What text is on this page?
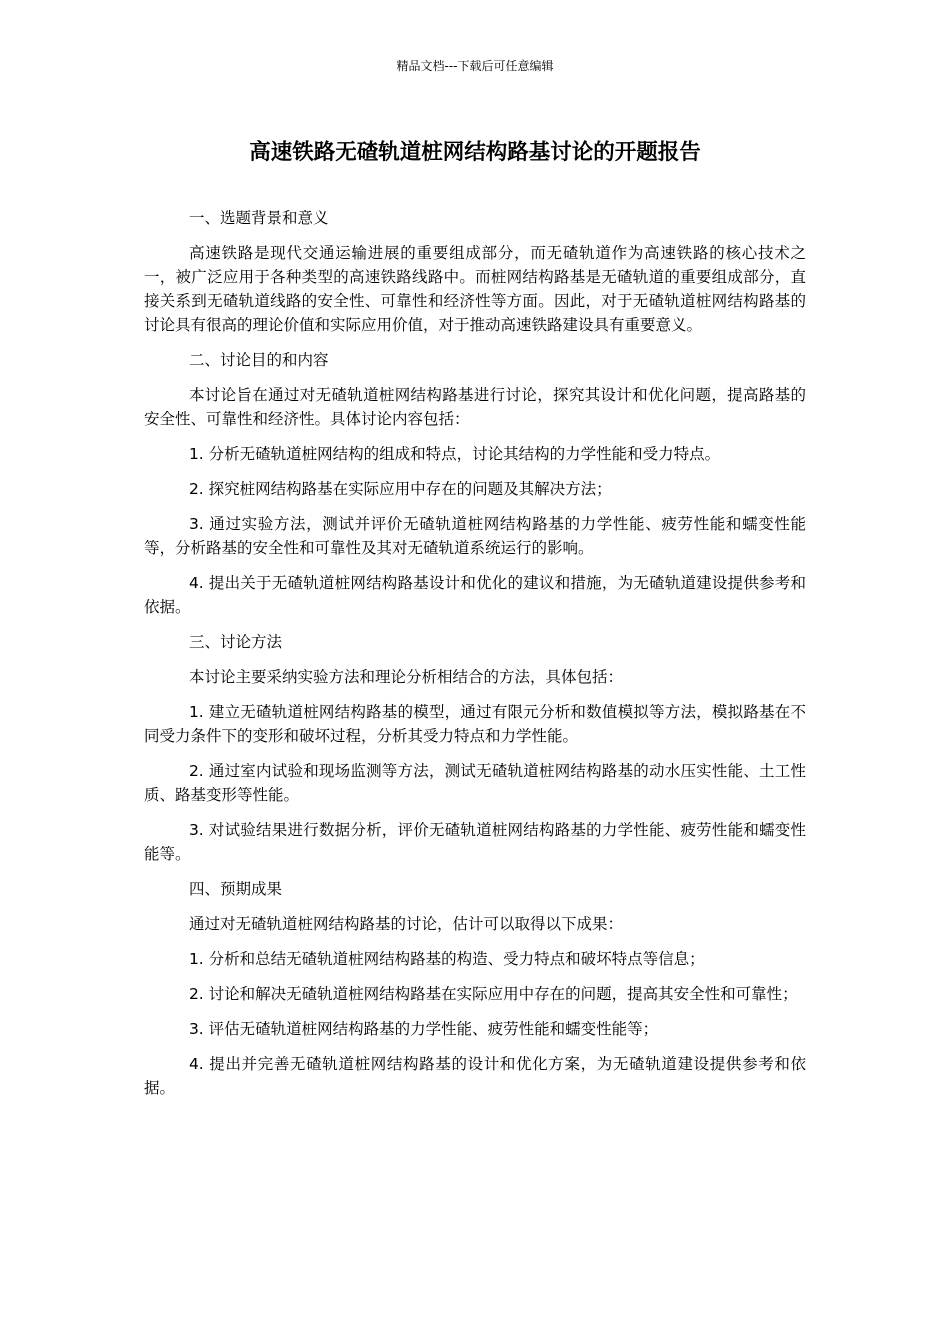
精品文档---下载后可任意编辑
高速铁路无碴轨道桩网结构路基讨论的开题报告

一、选题背景和意义

高速铁路是现代交通运输进展的重要组成部分，而无碴轨道作为高速铁路的核心技术之一，被广泛应用于各种类型的高速铁路线路中。而桩网结构路基是无碴轨道的重要组成部分，直接关系到无碴轨道线路的安全性、可靠性和经济性等方面。因此，对于无碴轨道桩网结构路基的讨论具有很高的理论价值和实际应用价值，对于推动高速铁路建设具有重要意义。

二、讨论目的和内容

本讨论旨在通过对无碴轨道桩网结构路基进行讨论，探究其设计和优化问题，提高路基的安全性、可靠性和经济性。具体讨论内容包括：

1. 分析无碴轨道桩网结构的组成和特点，讨论其结构的力学性能和受力特点。

2. 探究桩网结构路基在实际应用中存在的问题及其解决方法；

3. 通过实验方法，测试并评价无碴轨道桩网结构路基的力学性能、疲劳性能和蠕变性能等，分析路基的安全性和可靠性及其对无碴轨道系统运行的影响。

4. 提出关于无碴轨道桩网结构路基设计和优化的建议和措施，为无碴轨道建设提供参考和依据。

三、讨论方法

本讨论主要采纳实验方法和理论分析相结合的方法，具体包括：

1. 建立无碴轨道桩网结构路基的模型，通过有限元分析和数值模拟等方法，模拟路基在不同受力条件下的变形和破坏过程，分析其受力特点和力学性能。

2. 通过室内试验和现场监测等方法，测试无碴轨道桩网结构路基的动水压实性能、土工性质、路基变形等性能。

3. 对试验结果进行数据分析，评价无碴轨道桩网结构路基的力学性能、疲劳性能和蠕变性能等。

四、预期成果

通过对无碴轨道桩网结构路基的讨论，估计可以取得以下成果：

1. 分析和总结无碴轨道桩网结构路基的构造、受力特点和破坏特点等信息；

2. 讨论和解决无碴轨道桩网结构路基在实际应用中存在的问题，提高其安全性和可靠性；

3. 评估无碴轨道桩网结构路基的力学性能、疲劳性能和蠕变性能等；

4. 提出并完善无碴轨道桩网结构路基的设计和优化方案，为无碴轨道建设提供参考和依据。
